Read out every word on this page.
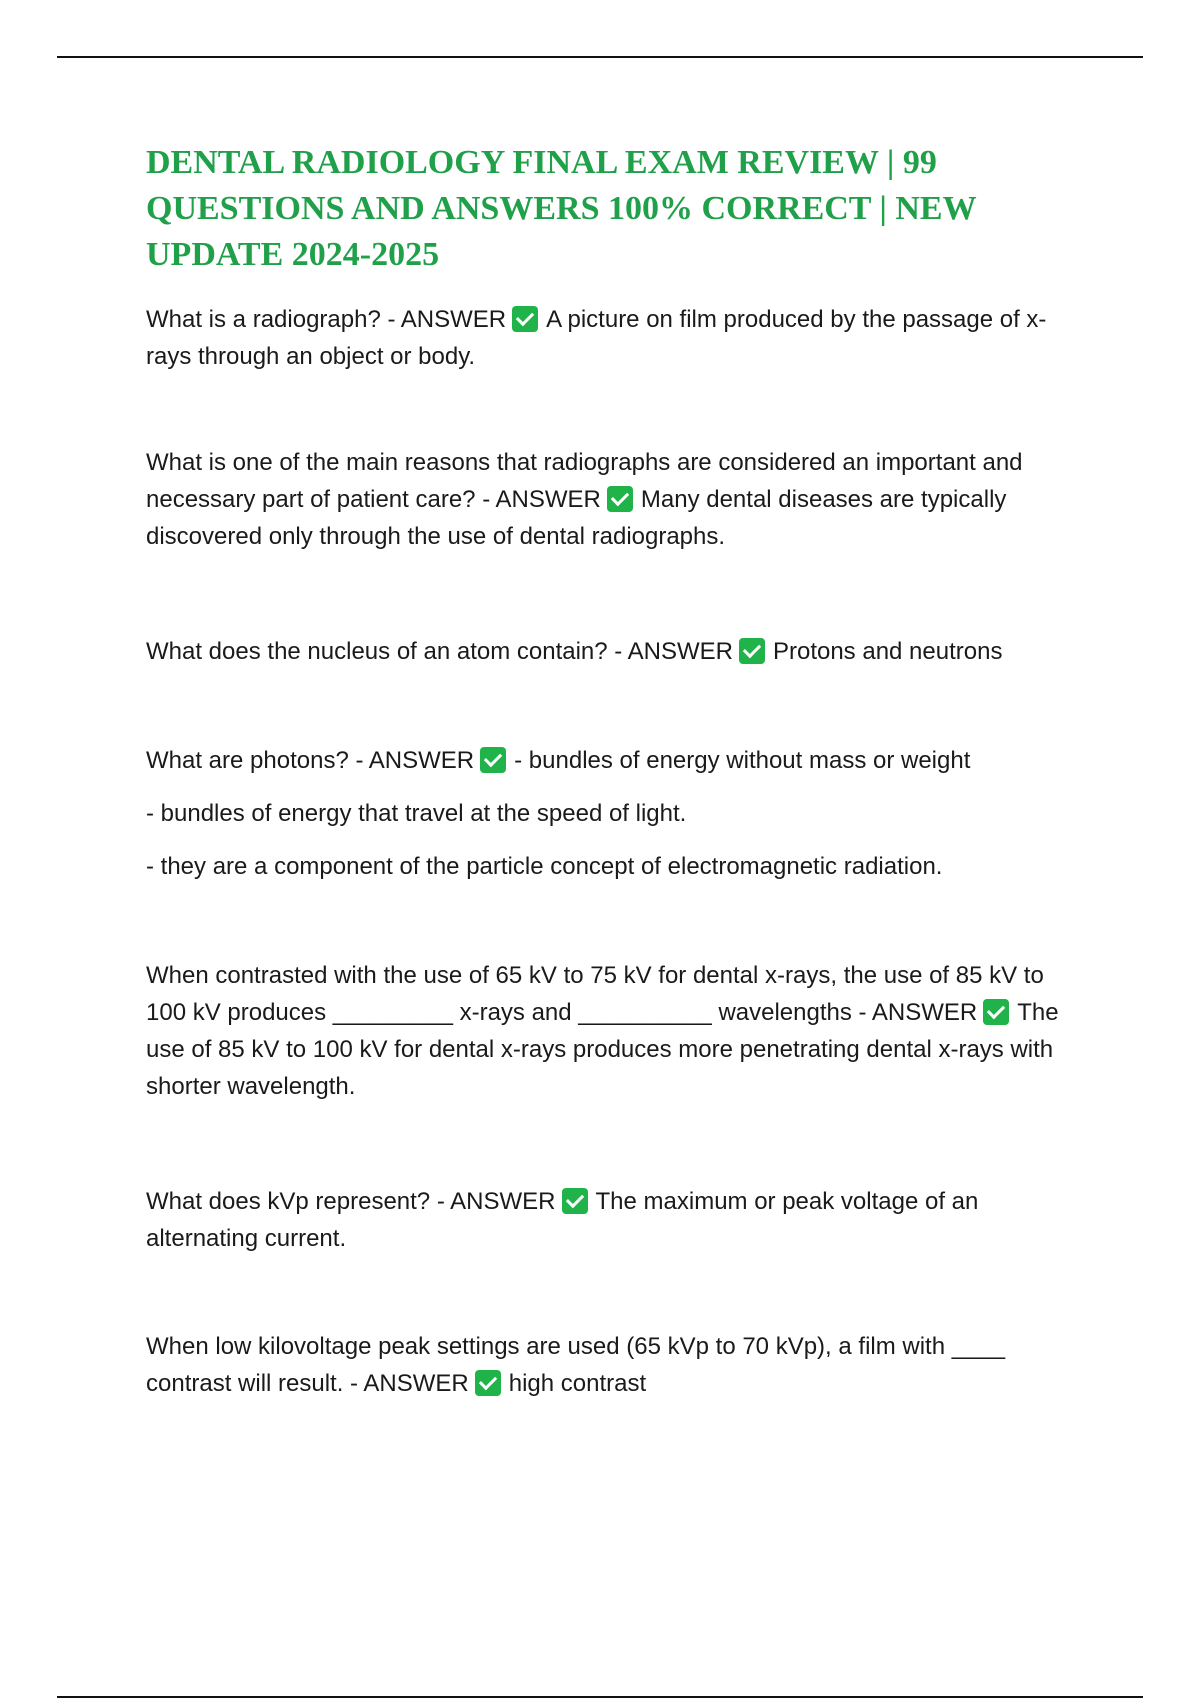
DENTAL RADIOLOGY FINAL EXAM REVIEW | 99 QUESTIONS AND ANSWERS 100% CORRECT | NEW UPDATE 2024-2025
What is a radiograph? - ANSWER A picture on film produced by the passage of x-rays through an object or body.
What is one of the main reasons that radiographs are considered an important and necessary part of patient care? - ANSWER Many dental diseases are typically discovered only through the use of dental radiographs.
What does the nucleus of an atom contain? - ANSWER Protons and neutrons
What are photons? - ANSWER - bundles of energy without mass or weight
- bundles of energy that travel at the speed of light.
- they are a component of the particle concept of electromagnetic radiation.
When contrasted with the use of 65 kV to 75 kV for dental x-rays, the use of 85 kV to 100 kV produces _________ x-rays and __________ wavelengths - ANSWER The use of 85 kV to 100 kV for dental x-rays produces more penetrating dental x-rays with shorter wavelength.
What does kVp represent? - ANSWER The maximum or peak voltage of an alternating current.
When low kilovoltage peak settings are used (65 kVp to 70 kVp), a film with ____ contrast will result. - ANSWER high contrast
